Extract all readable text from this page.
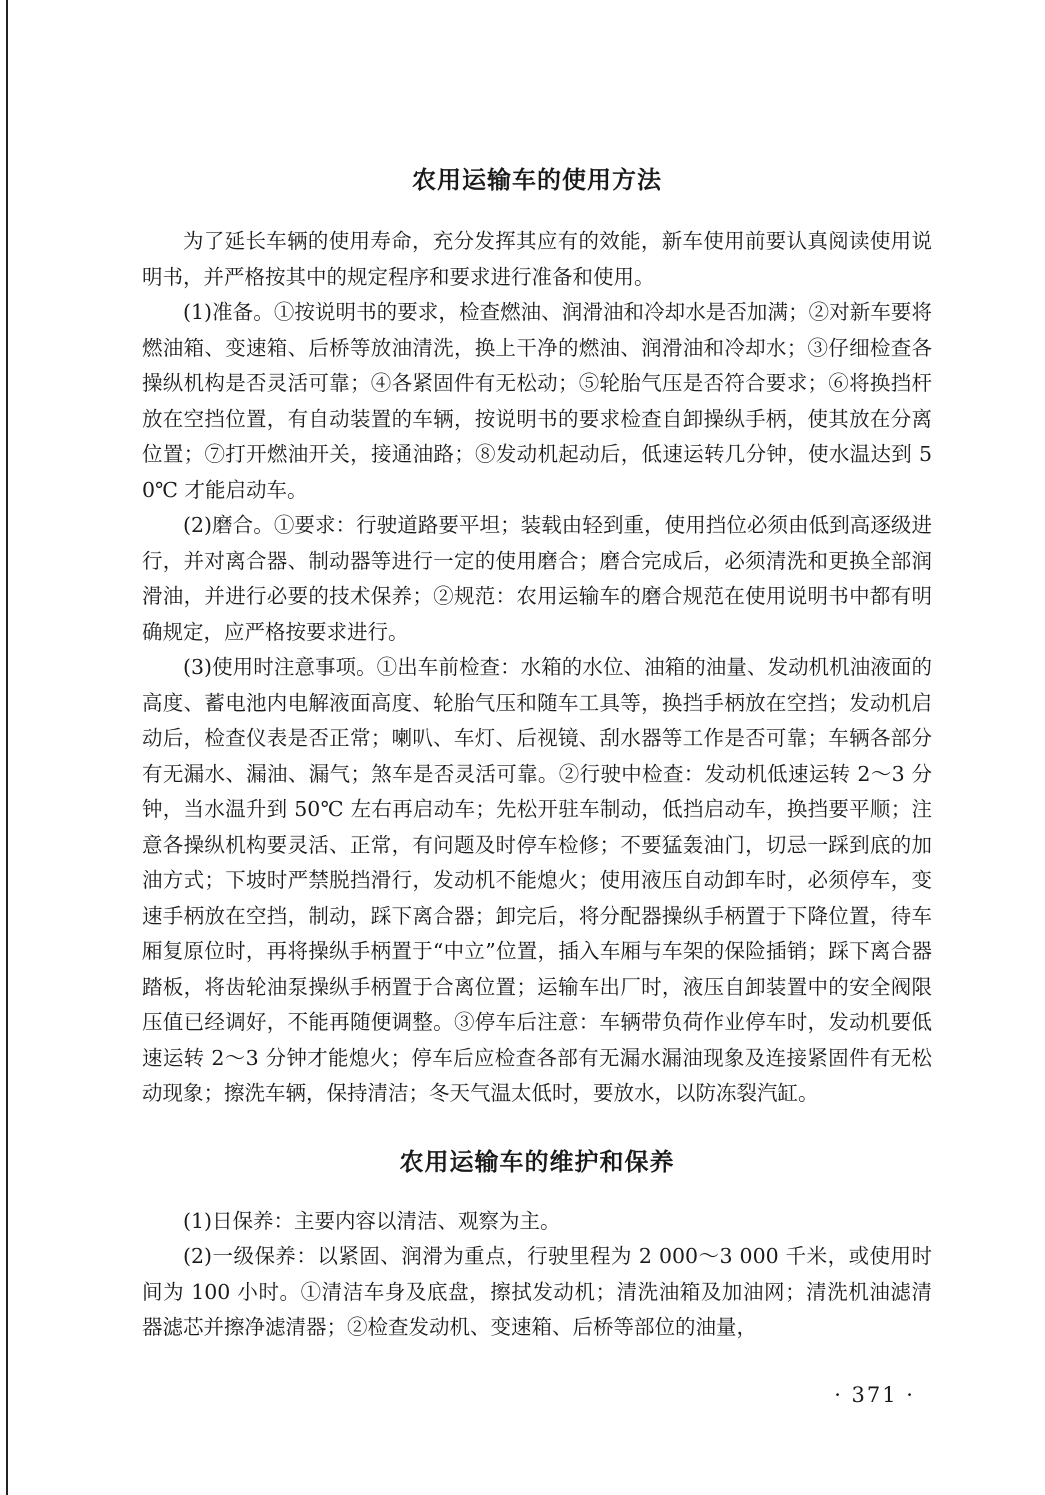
农用运输车的使用方法

为了延长车辆的使用寿命，充分发挥其应有的效能，新车使用前要认真阅读使用说明书，并严格按其中的规定程序和要求进行准备和使用。

(1)准备。①按说明书的要求，检查燃油、润滑油和冷却水是否加满；②对新车要将燃油箱、变速箱、后桥等放油清洗，换上干净的燃油、润滑油和冷却水；③仔细检查各操纵机构是否灵活可靠；④各紧固件有无松动；⑤轮胎气压是否符合要求；⑥将换挡杆放在空挡位置，有自动装置的车辆，按说明书的要求检查自卸操纵手柄，使其放在分离位置；⑦打开燃油开关，接通油路；⑧发动机起动后，低速运转几分钟，使水温达到 50℃ 才能启动车。

(2)磨合。①要求：行驶道路要平坦；装载由轻到重，使用挡位必须由低到高逐级进行，并对离合器、制动器等进行一定的使用磨合；磨合完成后，必须清洗和更换全部润滑油，并进行必要的技术保养；②规范：农用运输车的磨合规范在使用说明书中都有明确规定，应严格按要求进行。

(3)使用时注意事项。①出车前检查：水箱的水位、油箱的油量、发动机机油液面的高度、蓄电池内电解液面高度、轮胎气压和随车工具等，换挡手柄放在空挡；发动机启动后，检查仪表是否正常；喇叭、车灯、后视镜、刮水器等工作是否可靠；车辆各部分有无漏水、漏油、漏气；煞车是否灵活可靠。②行驶中检查：发动机低速运转 2～3 分钟，当水温升到 50℃ 左右再启动车；先松开驻车制动，低挡启动车，换挡要平顺；注意各操纵机构要灵活、正常，有问题及时停车检修；不要猛轰油门，切忌一踩到底的加油方式；下坡时严禁脱挡滑行，发动机不能熄火；使用液压自动卸车时，必须停车，变速手柄放在空挡，制动，踩下离合器；卸完后，将分配器操纵手柄置于下降位置，待车厢复原位时，再将操纵手柄置于“中立”位置，插入车厢与车架的保险插销；踩下离合器踏板，将齿轮油泵操纵手柄置于合离位置；运输车出厂时，液压自卸装置中的安全阀限压值已经调好，不能再随便调整。③停车后注意：车辆带负荷作业停车时，发动机要低速运转 2～3 分钟才能熄火；停车后应检查各部有无漏水漏油现象及连接紧固件有无松动现象；擦洗车辆，保持清洁；冬天气温太低时，要放水，以防冻裂汽缸。

农用运输车的维护和保养

(1)日保养：主要内容以清洁、观察为主。

(2)一级保养：以紧固、润滑为重点，行驶里程为 2 000～3 000 千米，或使用时间为 100 小时。①清洁车身及底盘，擦拭发动机；清洗油箱及加油网；清洗机油滤清器滤芯并擦净滤清器；②检查发动机、变速箱、后桥等部位的油量，

· 371 ·
